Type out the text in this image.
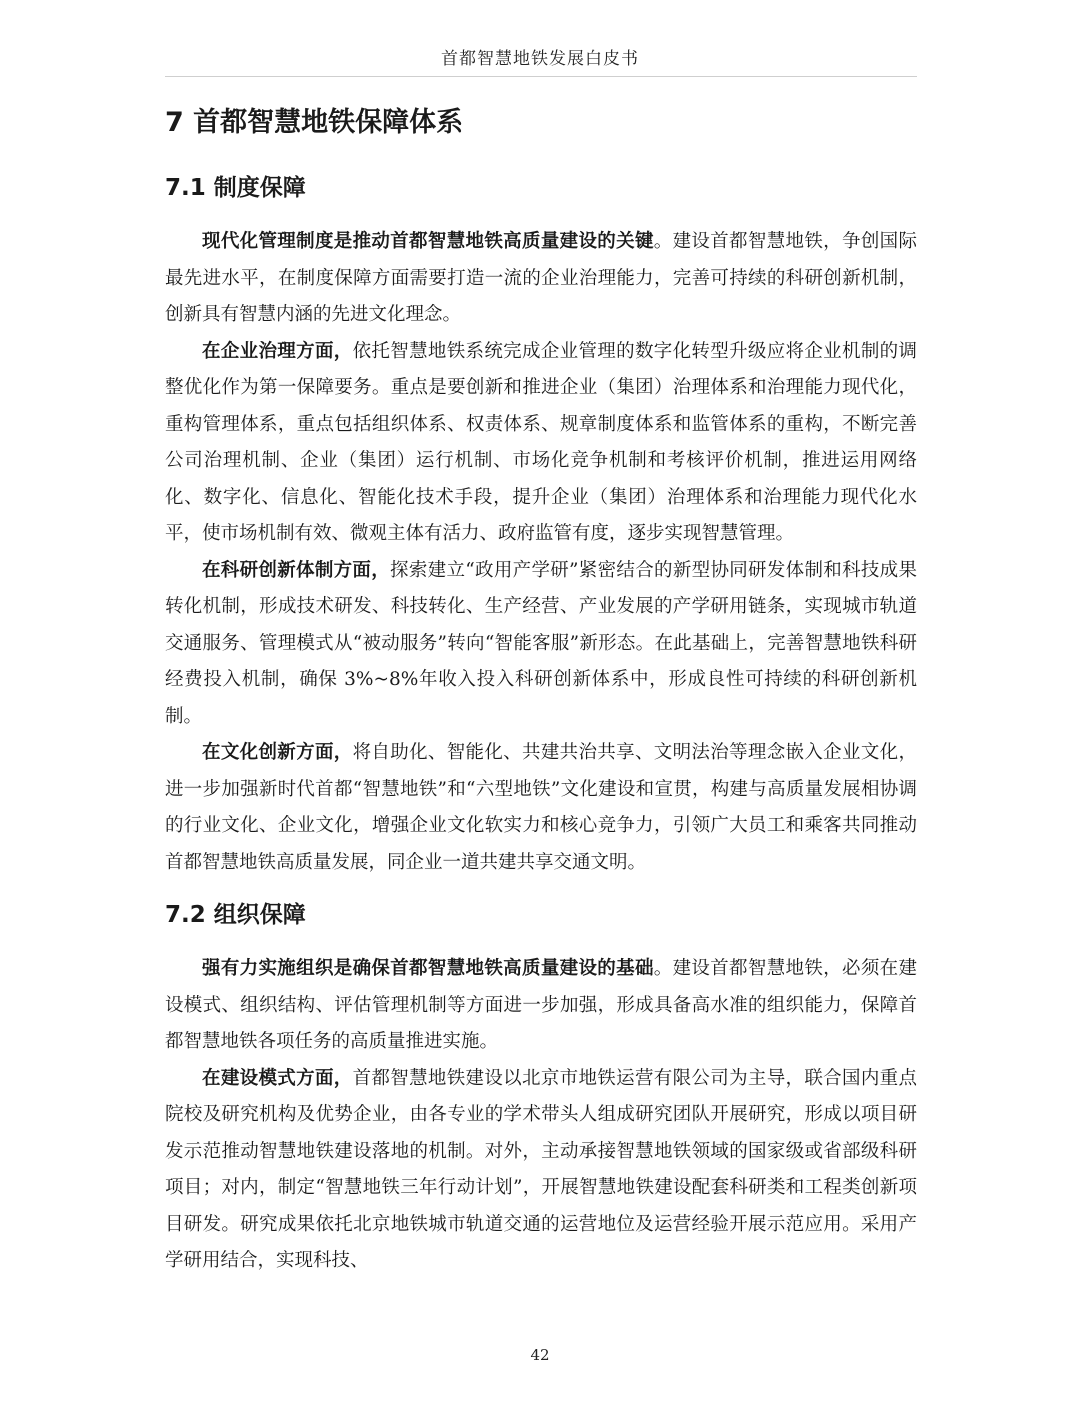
首都智慧地铁发展白皮书
7 首都智慧地铁保障体系
7.1 制度保障

现代化管理制度是推动首都智慧地铁高质量建设的关键。建设首都智慧地铁，争创国际最先进水平，在制度保障方面需要打造一流的企业治理能力，完善可持续的科研创新机制，创新具有智慧内涵的先进文化理念。

在企业治理方面，依托智慧地铁系统完成企业管理的数字化转型升级应将企业机制的调整优化作为第一保障要务。重点是要创新和推进企业（集团）治理体系和治理能力现代化，重构管理体系，重点包括组织体系、权责体系、规章制度体系和监管体系的重构，不断完善公司治理机制、企业（集团）运行机制、市场化竞争机制和考核评价机制，推进运用网络化、数字化、信息化、智能化技术手段，提升企业（集团）治理体系和治理能力现代化水平，使市场机制有效、微观主体有活力、政府监管有度，逐步实现智慧管理。

在科研创新体制方面，探索建立“政用产学研”紧密结合的新型协同研发体制和科技成果转化机制，形成技术研发、科技转化、生产经营、产业发展的产学研用链条，实现城市轨道交通服务、管理模式从“被动服务”转向“智能客服”新形态。在此基础上，完善智慧地铁科研经费投入机制，确保 3%~8%年收入投入科研创新体系中，形成良性可持续的科研创新机制。

在文化创新方面，将自助化、智能化、共建共治共享、文明法治等理念嵌入企业文化，进一步加强新时代首都“智慧地铁”和“六型地铁”文化建设和宣贯，构建与高质量发展相协调的行业文化、企业文化，增强企业文化软实力和核心竞争力，引领广大员工和乘客共同推动首都智慧地铁高质量发展，同企业一道共建共享交通文明。

7.2 组织保障

强有力实施组织是确保首都智慧地铁高质量建设的基础。建设首都智慧地铁，必须在建设模式、组织结构、评估管理机制等方面进一步加强，形成具备高水准的组织能力，保障首都智慧地铁各项任务的高质量推进实施。

在建设模式方面，首都智慧地铁建设以北京市地铁运营有限公司为主导，联合国内重点院校及研究机构及优势企业，由各专业的学术带头人组成研究团队开展研究，形成以项目研发示范推动智慧地铁建设落地的机制。对外，主动承接智慧地铁领域的国家级或省部级科研项目；对内，制定“智慧地铁三年行动计划”，开展智慧地铁建设配套科研类和工程类创新项目研发。研究成果依托北京地铁城市轨道交通的运营地位及运营经验开展示范应用。采用产学研用结合，实现科技、

42
